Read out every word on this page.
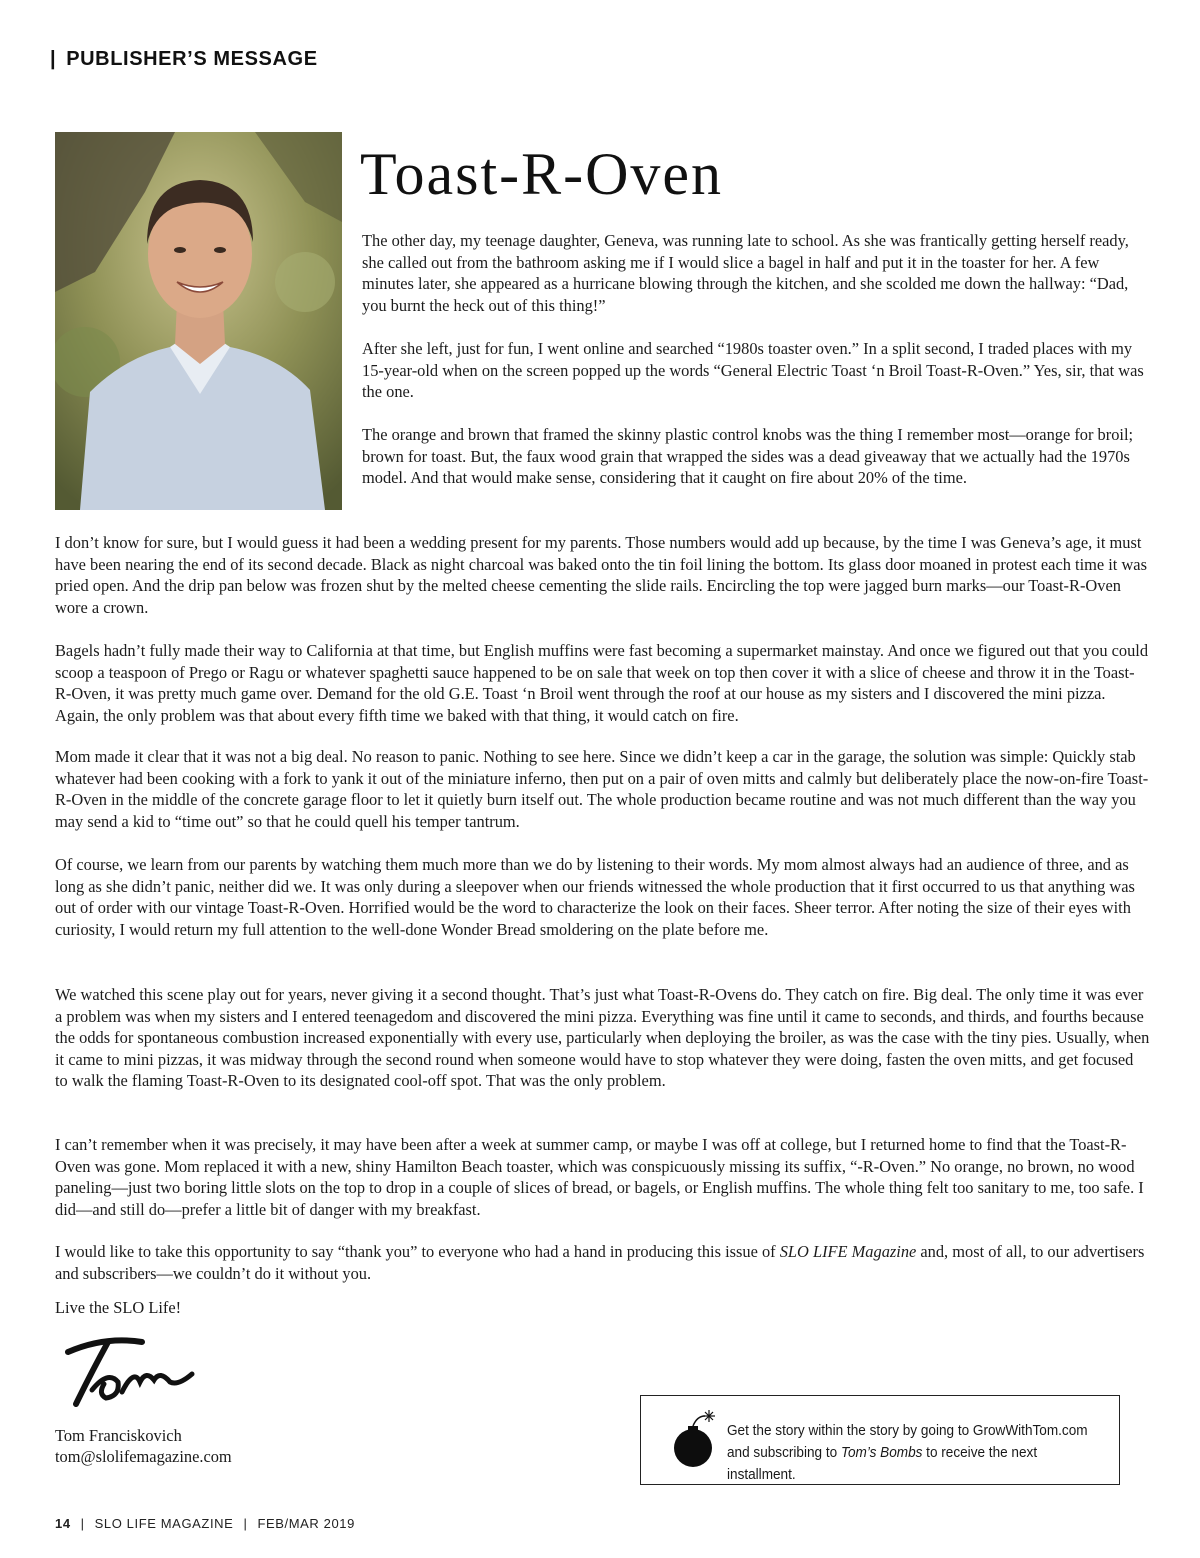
| PUBLISHER’S MESSAGE
Toast-R-Oven

The other day, my teenage daughter, Geneva, was running late to school. As she was frantically getting herself ready, she called out from the bathroom asking me if I would slice a bagel in half and put it in the toaster for her. A few minutes later, she appeared as a hurricane blowing through the kitchen, and she scolded me down the hallway: “Dad, you burnt the heck out of this thing!”

After she left, just for fun, I went online and searched “1980s toaster oven.” In a split second, I traded places with my 15-year-old when on the screen popped up the words “General Electric Toast ‘n Broil Toast-R-Oven.” Yes, sir, that was the one.

The orange and brown that framed the skinny plastic control knobs was the thing I remember most—orange for broil; brown for toast. But, the faux wood grain that wrapped the sides was a dead giveaway that we actually had the 1970s model. And that would make sense, considering that it caught on fire about 20% of the time.

I don’t know for sure, but I would guess it had been a wedding present for my parents. Those numbers would add up because, by the time I was Geneva’s age, it must have been nearing the end of its second decade. Black as night charcoal was baked onto the tin foil lining the bottom. Its glass door moaned in protest each time it was pried open. And the drip pan below was frozen shut by the melted cheese cementing the slide rails. Encircling the top were jagged burn marks—our Toast-R-Oven wore a crown.

Bagels hadn’t fully made their way to California at that time, but English muffins were fast becoming a supermarket mainstay. And once we figured out that you could scoop a teaspoon of Prego or Ragu or whatever spaghetti sauce happened to be on sale that week on top then cover it with a slice of cheese and throw it in the Toast-R-Oven, it was pretty much game over. Demand for the old G.E. Toast ‘n Broil went through the roof at our house as my sisters and I discovered the mini pizza. Again, the only problem was that about every fifth time we baked with that thing, it would catch on fire.

Mom made it clear that it was not a big deal. No reason to panic. Nothing to see here. Since we didn’t keep a car in the garage, the solution was simple: Quickly stab whatever had been cooking with a fork to yank it out of the miniature inferno, then put on a pair of oven mitts and calmly but deliberately place the now-on-fire Toast-R-Oven in the middle of the concrete garage floor to let it quietly burn itself out. The whole production became routine and was not much different than the way you may send a kid to “time out” so that he could quell his temper tantrum.

Of course, we learn from our parents by watching them much more than we do by listening to their words. My mom almost always had an audience of three, and as long as she didn’t panic, neither did we. It was only during a sleepover when our friends witnessed the whole production that it first occurred to us that anything was out of order with our vintage Toast-R-Oven. Horrified would be the word to characterize the look on their faces. Sheer terror. After noting the size of their eyes with curiosity, I would return my full attention to the well-done Wonder Bread smoldering on the plate before me.

We watched this scene play out for years, never giving it a second thought. That’s just what Toast-R-Ovens do. They catch on fire. Big deal. The only time it was ever a problem was when my sisters and I entered teenagedom and discovered the mini pizza. Everything was fine until it came to seconds, and thirds, and fourths because the odds for spontaneous combustion increased exponentially with every use, particularly when deploying the broiler, as was the case with the tiny pies. Usually, when it came to mini pizzas, it was midway through the second round when someone would have to stop whatever they were doing, fasten the oven mitts, and get focused to walk the flaming Toast-R-Oven to its designated cool-off spot. That was the only problem.

I can’t remember when it was precisely, it may have been after a week at summer camp, or maybe I was off at college, but I returned home to find that the Toast-R-Oven was gone. Mom replaced it with a new, shiny Hamilton Beach toaster, which was conspicuously missing its suffix, “-R-Oven.” No orange, no brown, no wood paneling—just two boring little slots on the top to drop in a couple of slices of bread, or bagels, or English muffins. The whole thing felt too sanitary to me, too safe. I did—and still do—prefer a little bit of danger with my breakfast.

I would like to take this opportunity to say “thank you” to everyone who had a hand in producing this issue of SLO LIFE Magazine and, most of all, to our advertisers and subscribers—we couldn’t do it without you.

Live the SLO Life!

Tom Franciskovich

tom@slolifemagazine.com

Get the story within the story by going to GrowWithTom.com and subscribing to Tom’s Bombs to receive the next installment.
14 | SLO LIFE MAGAZINE | FEB/MAR 2019
